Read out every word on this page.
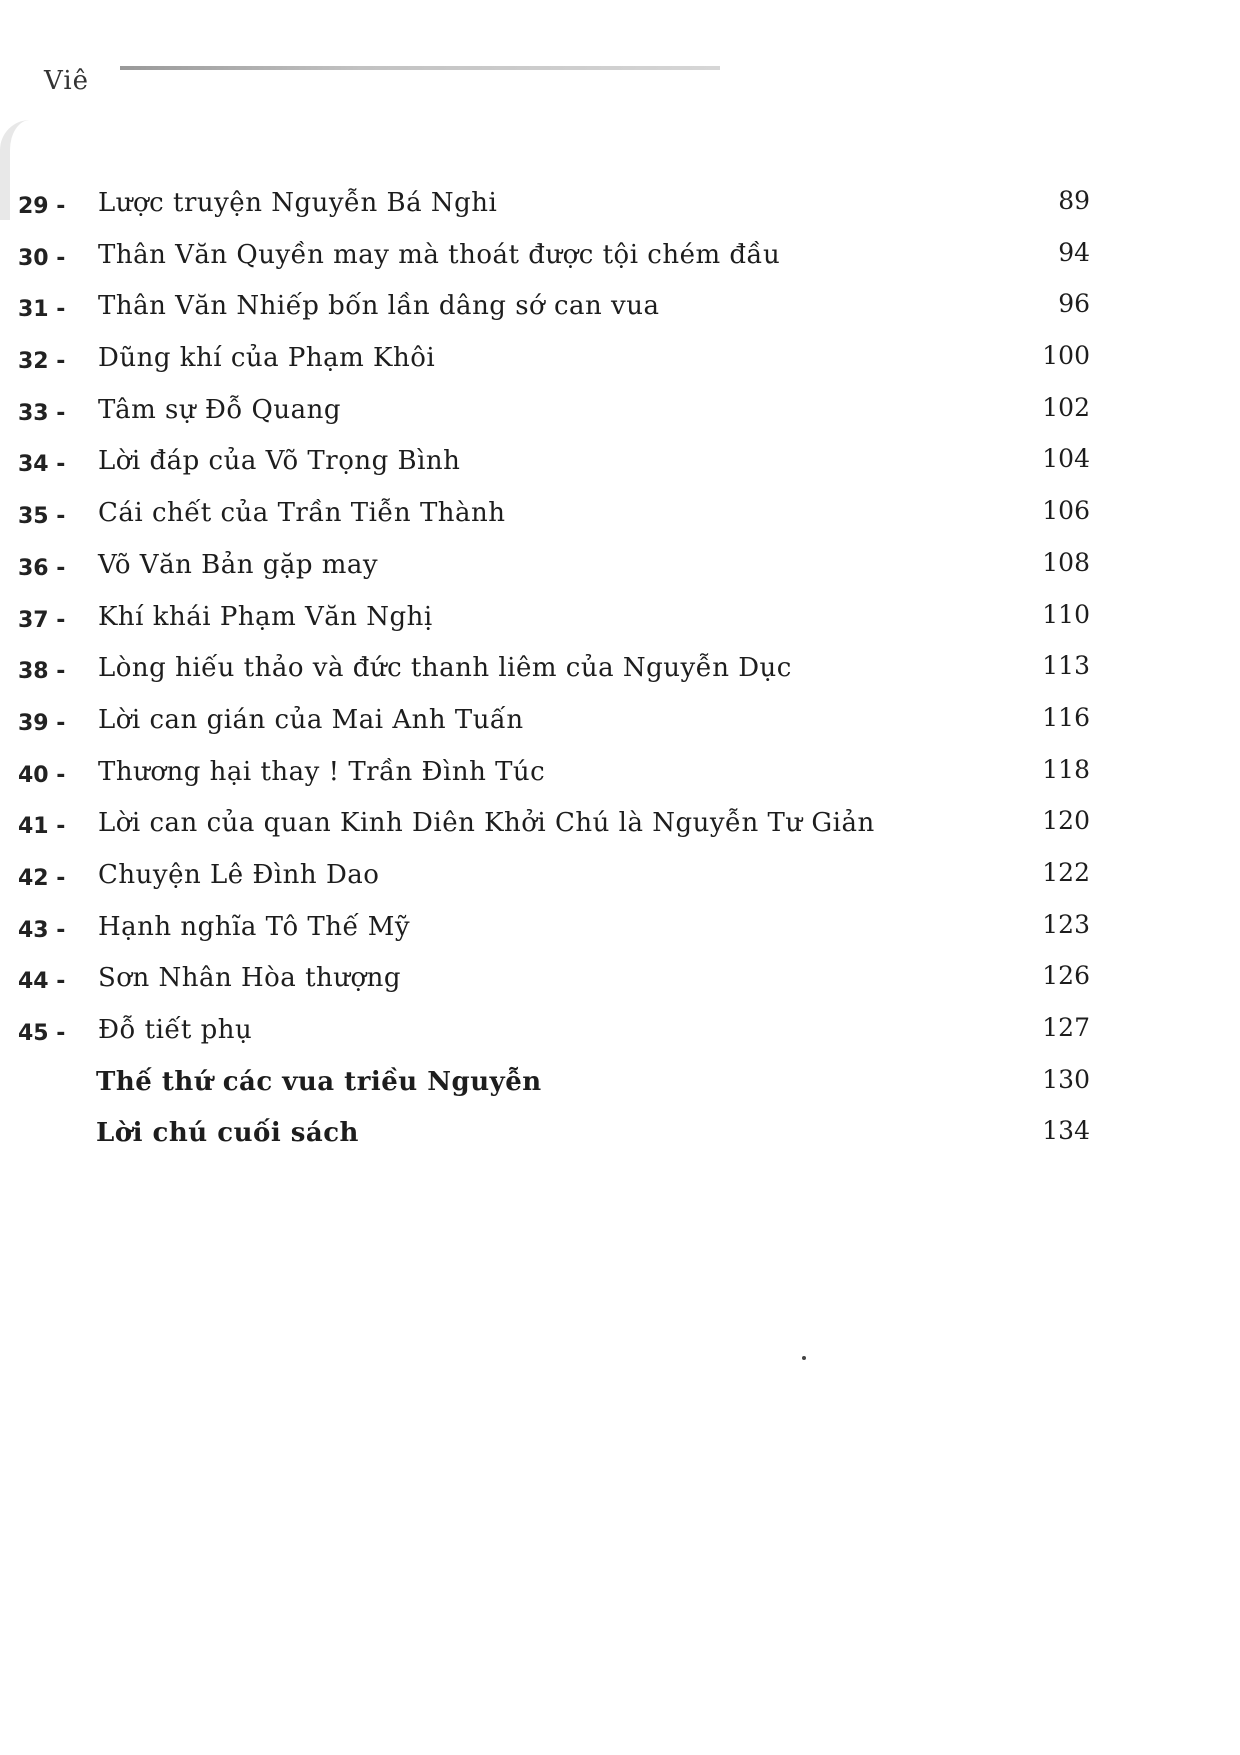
Viê
29 - Lược truyện Nguyễn Bá Nghi	89
30 - Thân Văn Quyền may mà thoát được tội chém đầu	94
31 - Thân Văn Nhiếp bốn lần dâng sớ can vua	96
32 - Dũng khí của Phạm Khôi	100
33 - Tâm sự Đỗ Quang	102
34 - Lời đáp của Võ Trọng Bình	104
35 - Cái chết của Trần Tiễn Thành	106
36 - Võ Văn Bản gặp may	108
37 - Khí khái Phạm Văn Nghị	110
38 - Lòng hiếu thảo và đức thanh liêm của Nguyễn Dục	113
39 - Lời can gián của Mai Anh Tuấn	116
40 - Thương hại thay ! Trần Đình Túc	118
41 - Lời can của quan Kinh Diên Khởi Chú là Nguyễn Tư Giản	120
42 - Chuyện Lê Đình Dao	122
43 - Hạnh nghĩa Tô Thế Mỹ	123
44 - Sơn Nhân Hòa thượng	126
45 - Đỗ tiết phụ	127
Thế thứ các vua triều Nguyễn	130
Lời chú cuối sách	134
